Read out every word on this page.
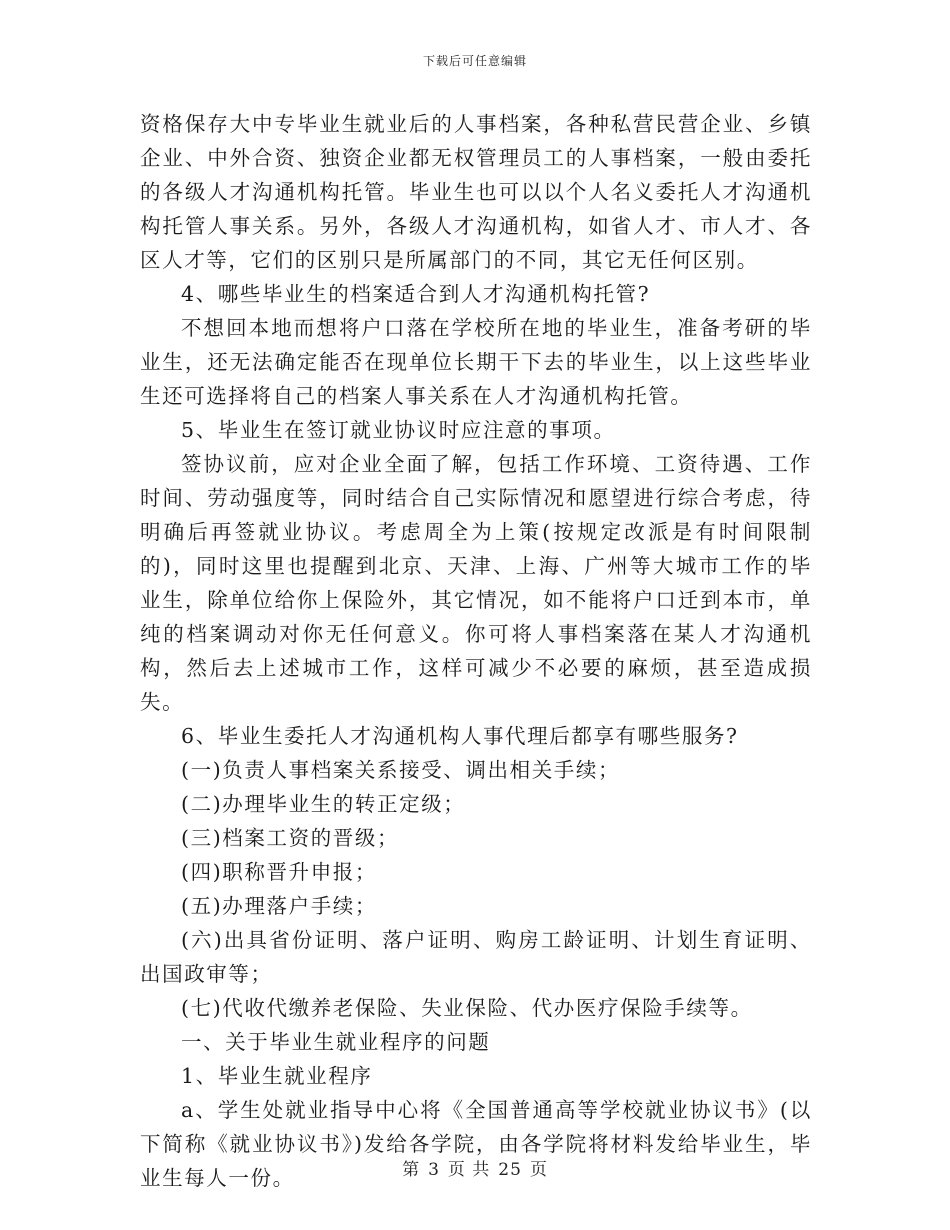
下载后可任意编辑

资格保存大中专毕业生就业后的人事档案，各种私营民营企业、乡镇企业、中外合资、独资企业都无权管理员工的人事档案，一般由委托的各级人才沟通机构托管。毕业生也可以以个人名义委托人才沟通机构托管人事关系。另外，各级人才沟通机构，如省人才、市人才、各区人才等，它们的区别只是所属部门的不同，其它无任何区别。

4、哪些毕业生的档案适合到人才沟通机构托管?

不想回本地而想将户口落在学校所在地的毕业生，准备考研的毕业生，还无法确定能否在现单位长期干下去的毕业生，以上这些毕业生还可选择将自己的档案人事关系在人才沟通机构托管。

5、毕业生在签订就业协议时应注意的事项。

签协议前，应对企业全面了解，包括工作环境、工资待遇、工作时间、劳动强度等，同时结合自己实际情况和愿望进行综合考虑，待明确后再签就业协议。考虑周全为上策(按规定改派是有时间限制的)，同时这里也提醒到北京、天津、上海、广州等大城市工作的毕业生，除单位给你上保险外，其它情况，如不能将户口迁到本市，单纯的档案调动对你无任何意义。你可将人事档案落在某人才沟通机构，然后去上述城市工作，这样可减少不必要的麻烦，甚至造成损失。

6、毕业生委托人才沟通机构人事代理后都享有哪些服务?

(一)负责人事档案关系接受、调出相关手续；

(二)办理毕业生的转正定级；

(三)档案工资的晋级；

(四)职称晋升申报；

(五)办理落户手续；

(六)出具省份证明、落户证明、购房工龄证明、计划生育证明、出国政审等；

(七)代收代缴养老保险、失业保险、代办医疗保险手续等。

一、关于毕业生就业程序的问题

1、毕业生就业程序

a、学生处就业指导中心将《全国普通高等学校就业协议书》(以下简称《就业协议书》)发给各学院，由各学院将材料发给毕业生，毕业生每人一份。	第 3 页 共 25 页
